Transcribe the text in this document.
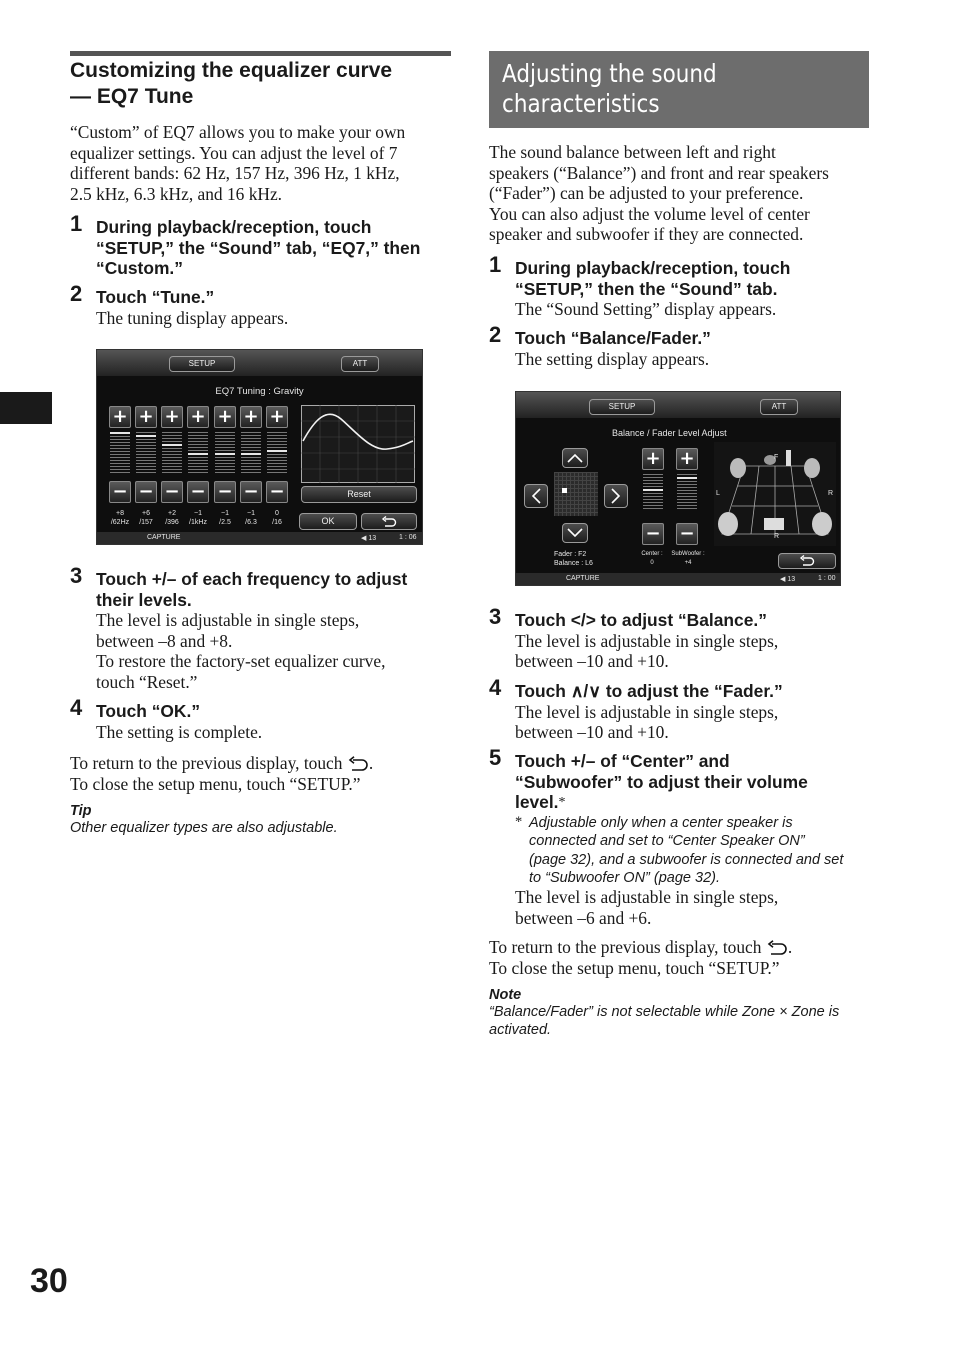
Customizing the equalizer curve
— EQ7 Tune

“Custom” of EQ7 allows you to make your own

equalizer settings. You can adjust the level of 7

different bands: 62 Hz, 157 Hz, 396 Hz, 1 kHz,

2.5 kHz, 6.3 kHz, and 16 kHz.

1 During playback/reception, touch
“SETUP,” the “Sound” tab, “EQ7,” then
“Custom.”
2 Touch “Tune.”
The tuning display appears.
SETUP	ATT
EQ7 Tuning : Gravity
+ + + + + + +
− − − − − − −
+8
/62Hz
+6
/157
+2
/396
−1
/1kHz
−1
/2.5
−1
/6.3
0
/16
Reset
OK
CAPTURE	◀ 13	1 : 06
3 Touch +/– of each frequency to adjust
their levels.
The level is adjustable in single steps,
between –8 and +8.
To restore the factory-set equalizer curve,
touch “Reset.”
4 Touch “OK.”
The setting is complete.

To return to the previous display, touch .

To close the setup menu, touch “SETUP.”

Tip
Other equalizer types are also adjustable.
30
Adjusting the sound
characteristics

The sound balance between left and right

speakers (“Balance”) and front and rear speakers

(“Fader”) can be adjusted to your preference.

You can also adjust the volume level of center

speaker and subwoofer if they are connected.

1 During playback/reception, touch
“SETUP,” then the “Sound” tab.
The “Sound Setting” display appears.
2 Touch “Balance/Fader.”
The setting display appears.
SETUP	ATT
Balance / Fader Level Adjust
+ +
− −
F
L	R
R
Fader : F2
Balance : L6
Center :
0
SubWoofer :
+4
CAPTURE	◀ 13	1 : 00
3 Touch </> to adjust “Balance.”
The level is adjustable in single steps,
between –10 and +10.
4 Touch ∧/∨ to adjust the “Fader.”
The level is adjustable in single steps,
between –10 and +10.
5 Touch +/– of “Center” and
“Subwoofer” to adjust their volume
level.*
* Adjustable only when a center speaker is
connected and set to “Center Speaker ON”
(page 32), and a subwoofer is connected and set
to “Subwoofer ON” (page 32).
The level is adjustable in single steps,
between –6 and +6.

To return to the previous display, touch .

To close the setup menu, touch “SETUP.”

Note
“Balance/Fader” is not selectable while Zone × Zone is
activated.
